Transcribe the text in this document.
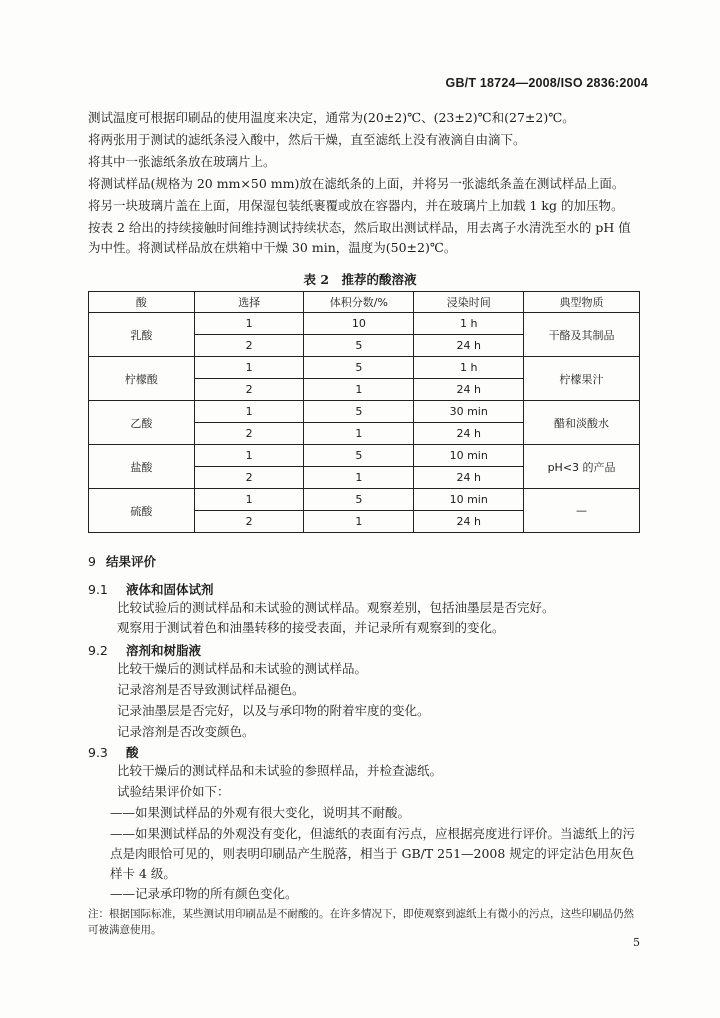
GB/T 18724—2008/ISO 2836:2004
测试温度可根据印刷品的使用温度来决定，通常为(20±2)℃、(23±2)℃和(27±2)℃。
将两张用于测试的滤纸条浸入酸中，然后干燥，直至滤纸上没有液滴自由滴下。
将其中一张滤纸条放在玻璃片上。
将测试样品(规格为 20 mm×50 mm)放在滤纸条的上面，并将另一张滤纸条盖在测试样品上面。
将另一块玻璃片盖在上面，用保湿包装纸裹覆或放在容器内，并在玻璃片上加载 1 kg 的加压物。
按表 2 给出的持续接触时间维持测试持续状态，然后取出测试样品，用去离子水清洗至水的 pH 值为中性。将测试样品放在烘箱中干燥 30 min，温度为(50±2)℃。
表 2　推荐的酸溶液
酸	选择	体积分数/%	浸染时间	典型物质
乳酸	1	10	1 h	干酪及其制品
	2	5	24 h	
柠檬酸	1	5	1 h	柠檬果汁
	2	1	24 h	
乙酸	1	5	30 min	醋和淡酸水
	2	1	24 h	
盐酸	1	5	10 min	pH<3 的产品
	2	1	24 h	
硫酸	1	5	10 min	—
	2	1	24 h	
9 结果评价
9.1 液体和固体试剂
比较试验后的测试样品和未试验的测试样品。观察差别，包括油墨层是否完好。
观察用于测试着色和油墨转移的接受表面，并记录所有观察到的变化。
9.2 溶剂和树脂液
比较干燥后的测试样品和未试验的测试样品。
记录溶剂是否导致测试样品褪色。
记录油墨层是否完好，以及与承印物的附着牢度的变化。
记录溶剂是否改变颜色。
9.3 酸
比较干燥后的测试样品和未试验的参照样品，并检查滤纸。
试验结果评价如下：
——如果测试样品的外观有很大变化，说明其不耐酸。
——如果测试样品的外观没有变化，但滤纸的表面有污点，应根据亮度进行评价。当滤纸上的污点是肉眼恰可见的，则表明印刷品产生脱落，相当于 GB/T 251—2008 规定的评定沾色用灰色样卡 4 级。
——记录承印物的所有颜色变化。
注：根据国际标准，某些测试用印刷品是不耐酸的。在许多情况下，即使观察到滤纸上有微小的污点，这些印刷品仍然可被满意使用。
5
